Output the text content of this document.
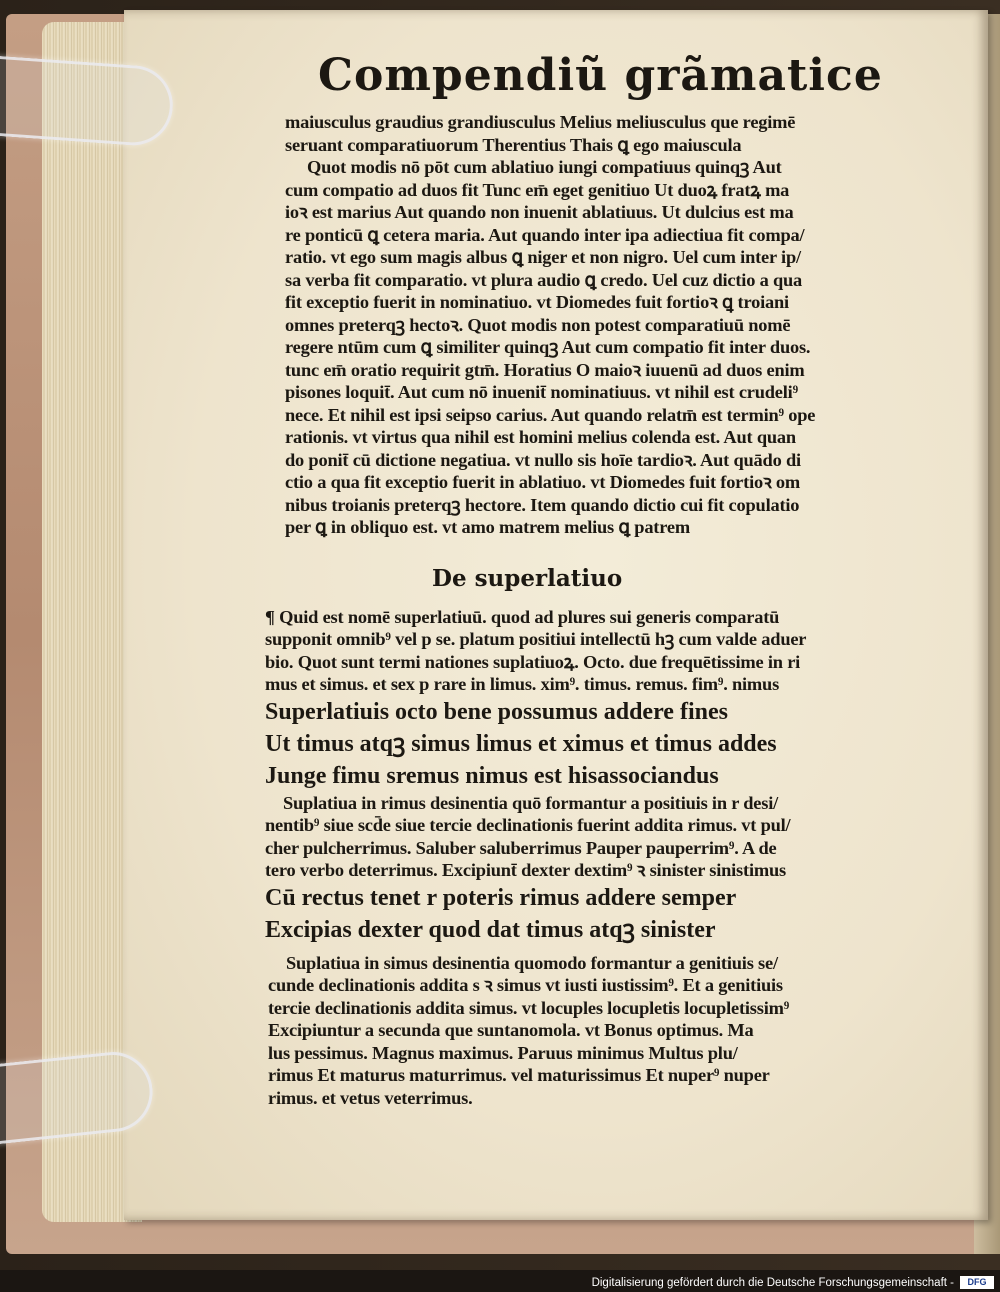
Compendiũ grãmatice
maiusculus graudius grandiusculus Melius meliusculus que regimē
seruant comparatiuorum Therentius Thais ꝗ ego maiuscula
Quot modis nō pōt cum ablatiuo iungi compatiuus quinqꝫ Aut
cum compatio ad duos fit Tunc em̄ eget genitiuo Ut duoꝝ fratꝝ ma
ioꝛ est marius Aut quando non inuenit ablatiuus. Ut dulcius est ma
re ponticū ꝗ cetera maria. Aut quando inter ipa adiectiua fit compa/
ratio. vt ego sum magis albus ꝗ niger et non nigro. Uel cum inter ip/
sa verba fit comparatio. vt plura audio ꝗ credo. Uel cuz dictio a qua
fit exceptio fuerit in nominatiuo. vt Diomedes fuit fortioꝛ ꝗ troiani
omnes preterqꝫ hectoꝛ. Quot modis non potest comparatiuū nomē
regere ntūm cum ꝗ similiter quinqꝫ Aut cum compatio fit inter duos.
tunc em̄ oratio requirit gtm̄. Horatius O maioꝛ iuuenū ad duos enim
pisones loquit̄. Aut cum nō inuenit̄ nominatiuus. vt nihil est crudeli⁹
nece. Et nihil est ipsi seipso carius. Aut quando relatm̄ est termin⁹ ope
rationis. vt virtus qua nihil est homini melius colenda est. Aut quan
do ponit̄ cū dictione negatiua. vt nullo sis hoīe tardioꝛ. Aut quādo di
ctio a qua fit exceptio fuerit in ablatiuo. vt Diomedes fuit fortioꝛ om
nibus troianis preterqꝫ hectore. Item quando dictio cui fit copulatio
per ꝗ in obliquo est. vt amo matrem melius ꝗ patrem
De superlatiuo
¶ Quid est nomē superlatiuū. quod ad plures sui generis comparatū
supponit omnib⁹ vel p se. platum positiui intellectū hꝫ cum valde aduer
bio. Quot sunt termi nationes suplatiuoꝝ. Octo. due frequētissime in ri
mus et simus. et sex p rare in limus. xim⁹. timus. remus. fim⁹. nimus
Superlatiuis octo bene possumus addere fines
Ut timus atqꝫ simus limus et ximus et timus addes
Junge fimu sremus nimus est hisassociandus
Suplatiua in rimus desinentia quō formantur a positiuis in r desi/
nentib⁹ siue scd̄e siue tercie declinationis fuerint addita rimus. vt pul/
cher pulcherrimus. Saluber saluberrimus Pauper pauperrim⁹. A de
tero verbo deterrimus. Excipiunt̄ dexter dextim⁹ ꝛ sinister sinistimus
Cū rectus tenet r poteris rimus addere semper
Excipias dexter quod dat timus atqꝫ sinister
Suplatiua in simus desinentia quomodo formantur a genitiuis se/
cunde declinationis addita s ꝛ simus vt iusti iustissim⁹. Et a genitiuis
tercie declinationis addita simus. vt locuples locupletis locupletissim⁹
Excipiuntur a secunda que suntanomola. vt Bonus optimus. Ma
lus pessimus. Magnus maximus. Paruus minimus Multus plu/
rimus Et maturus maturrimus. vel maturissimus Et nuper⁹ nuper
rimus. et vetus veterrimus.
Digitalisierung gefördert durch die Deutsche Forschungsgemeinschaft -	DFG
